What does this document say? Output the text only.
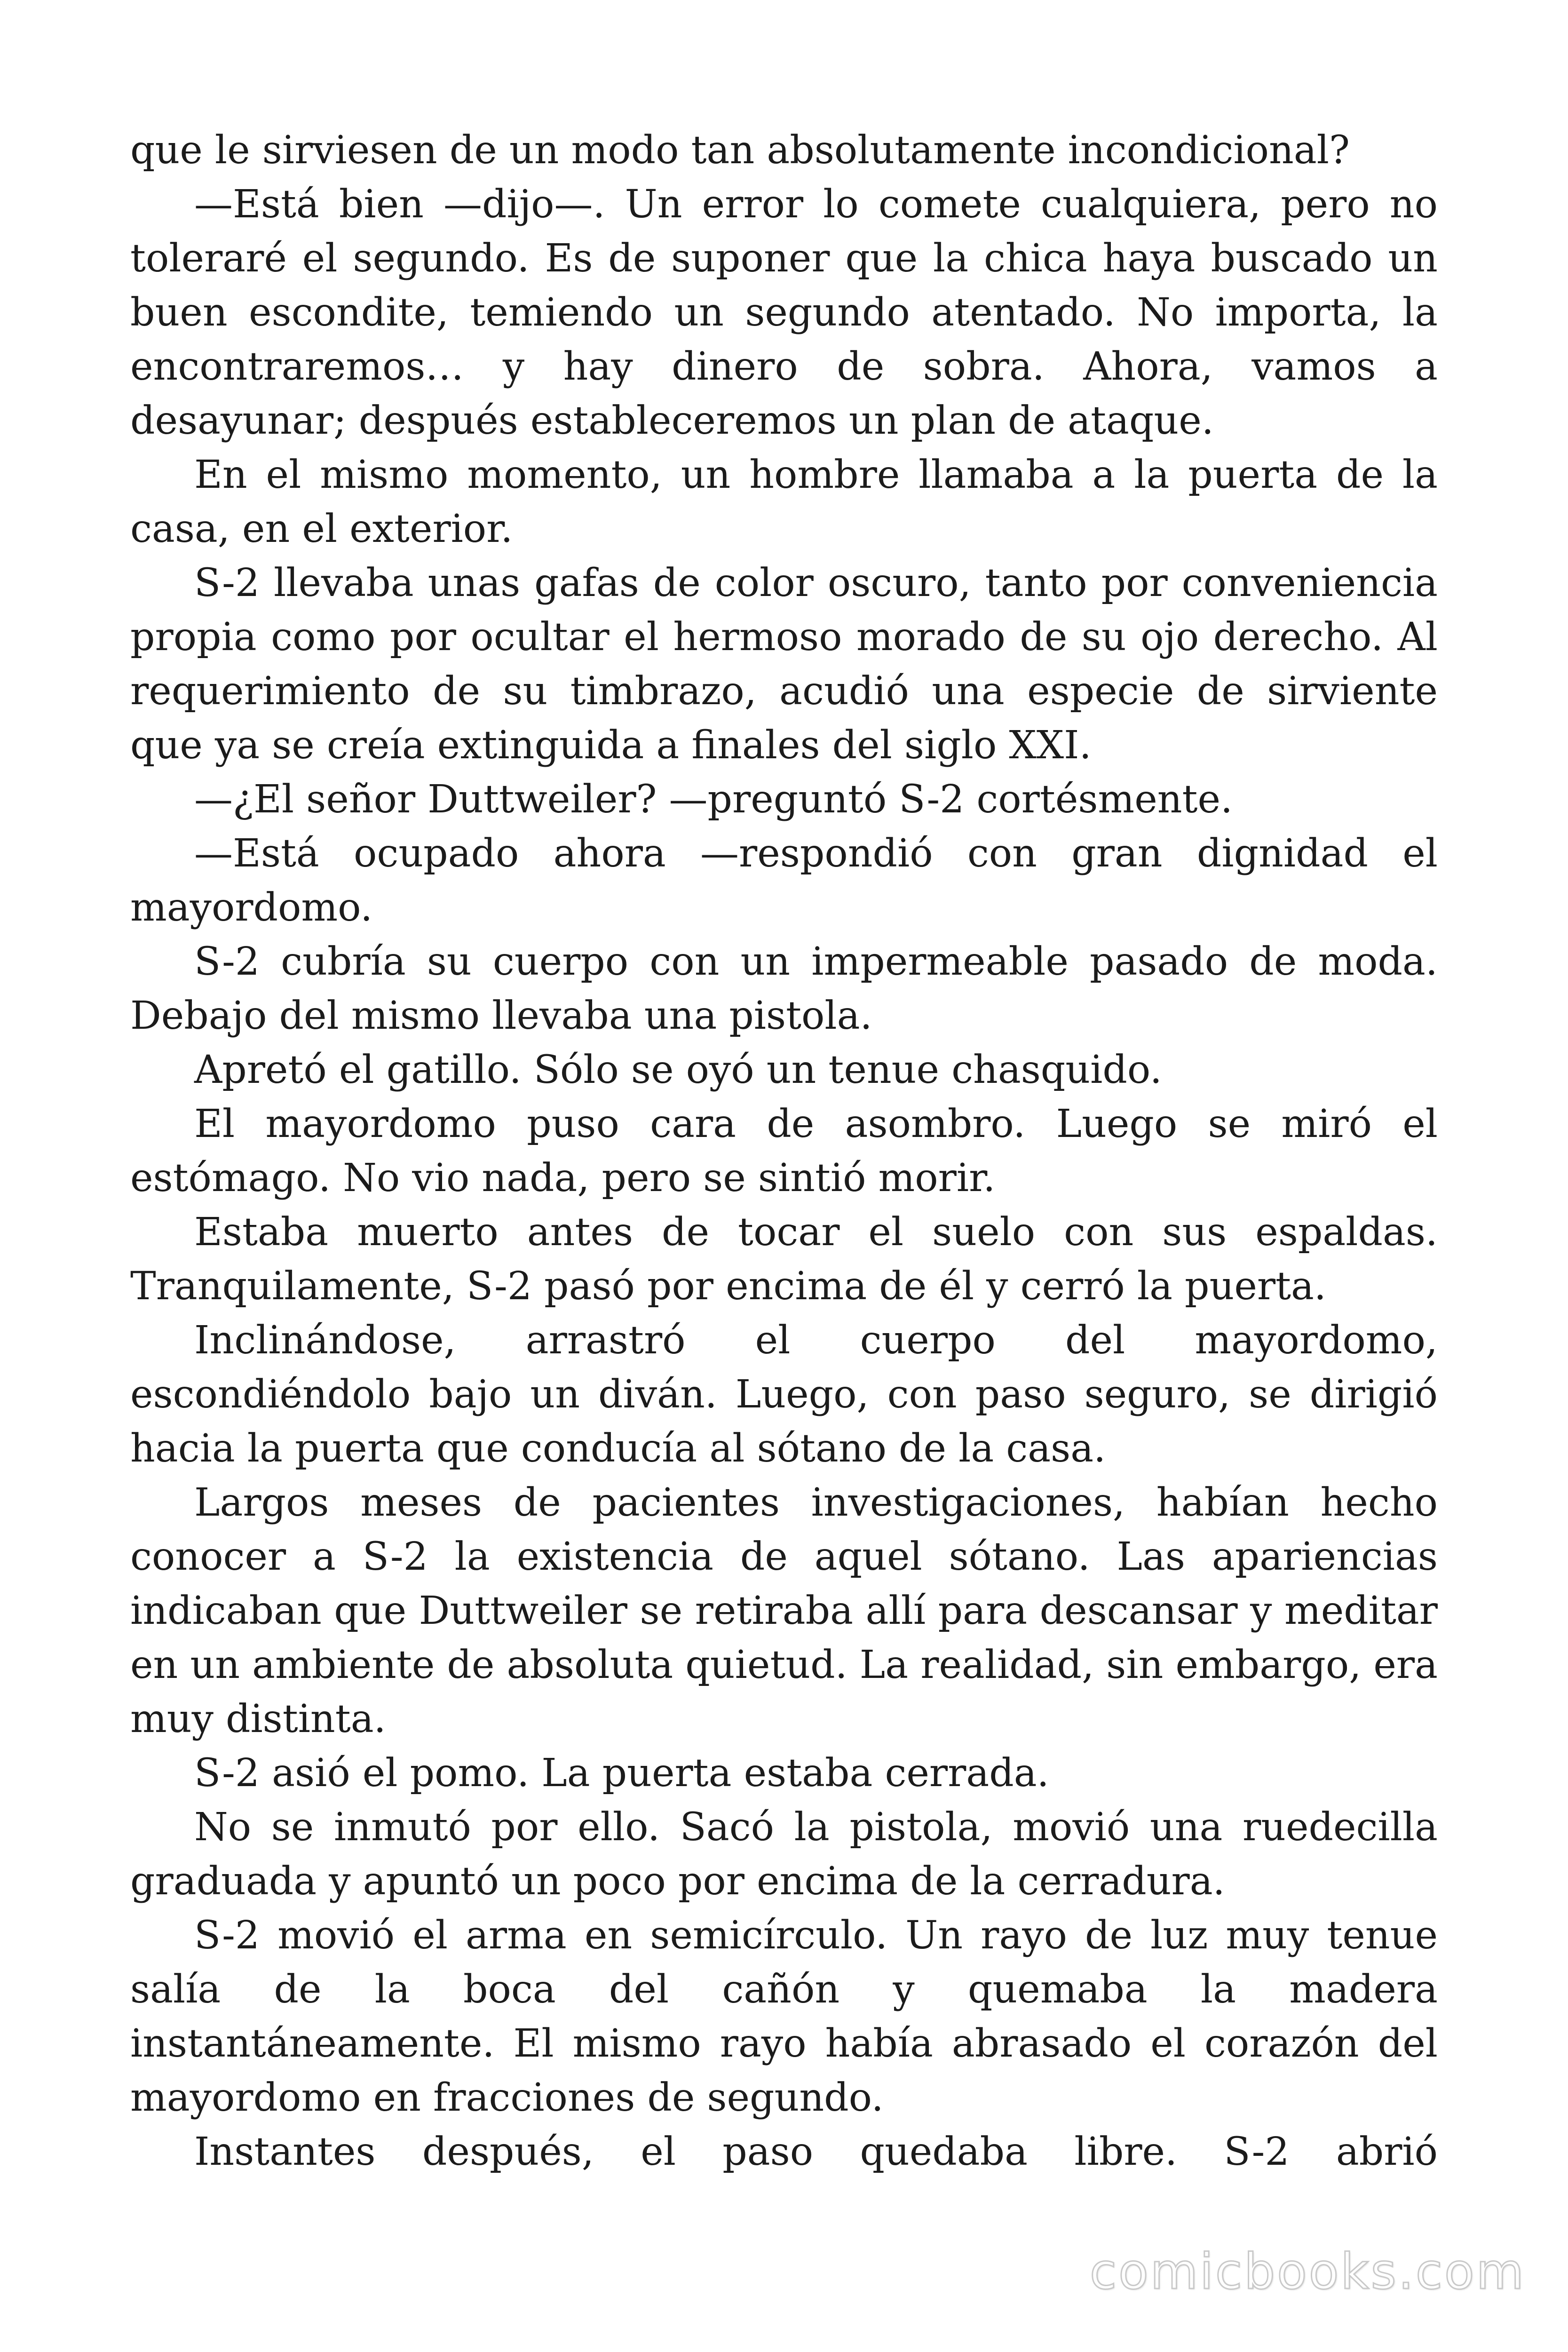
que le sirviesen de un modo tan absolutamente incondicional?

—Está bien —dijo—. Un error lo comete cualquiera, pero no toleraré el segundo. Es de suponer que la chica haya buscado un buen escondite, temiendo un segundo atentado. No importa, la encontraremos… y hay dinero de sobra. Ahora, vamos a desayunar; después estableceremos un plan de ataque.

En el mismo momento, un hombre llamaba a la puerta de la casa, en el exterior.

S-2 llevaba unas gafas de color oscuro, tanto por conveniencia propia como por ocultar el hermoso morado de su ojo derecho. Al requerimiento de su timbrazo, acudió una especie de sirviente que ya se creía extinguida a finales del siglo XXI.

—¿El señor Duttweiler? —preguntó S-2 cortésmente.

—Está ocupado ahora —respondió con gran dignidad el mayordomo.

S-2 cubría su cuerpo con un impermeable pasado de moda. Debajo del mismo llevaba una pistola.

Apretó el gatillo. Sólo se oyó un tenue chasquido.

El mayordomo puso cara de asombro. Luego se miró el estómago. No vio nada, pero se sintió morir.

Estaba muerto antes de tocar el suelo con sus espaldas. Tranquilamente, S-2 pasó por encima de él y cerró la puerta.

Inclinándose, arrastró el cuerpo del mayordomo, escondiéndolo bajo un diván. Luego, con paso seguro, se dirigió hacia la puerta que conducía al sótano de la casa.

Largos meses de pacientes investigaciones, habían hecho conocer a S-2 la existencia de aquel sótano. Las apariencias indicaban que Duttweiler se retiraba allí para descansar y meditar en un ambiente de absoluta quietud. La realidad, sin embargo, era muy distinta.

S-2 asió el pomo. La puerta estaba cerrada.

No se inmutó por ello. Sacó la pistola, movió una ruedecilla graduada y apuntó un poco por encima de la cerradura.

S-2 movió el arma en semicírculo. Un rayo de luz muy tenue salía de la boca del cañón y quemaba la madera instantáneamente. El mismo rayo había abrasado el corazón del mayordomo en fracciones de segundo.

Instantes después, el paso quedaba libre. S-2 abrió

comicbooks.com
